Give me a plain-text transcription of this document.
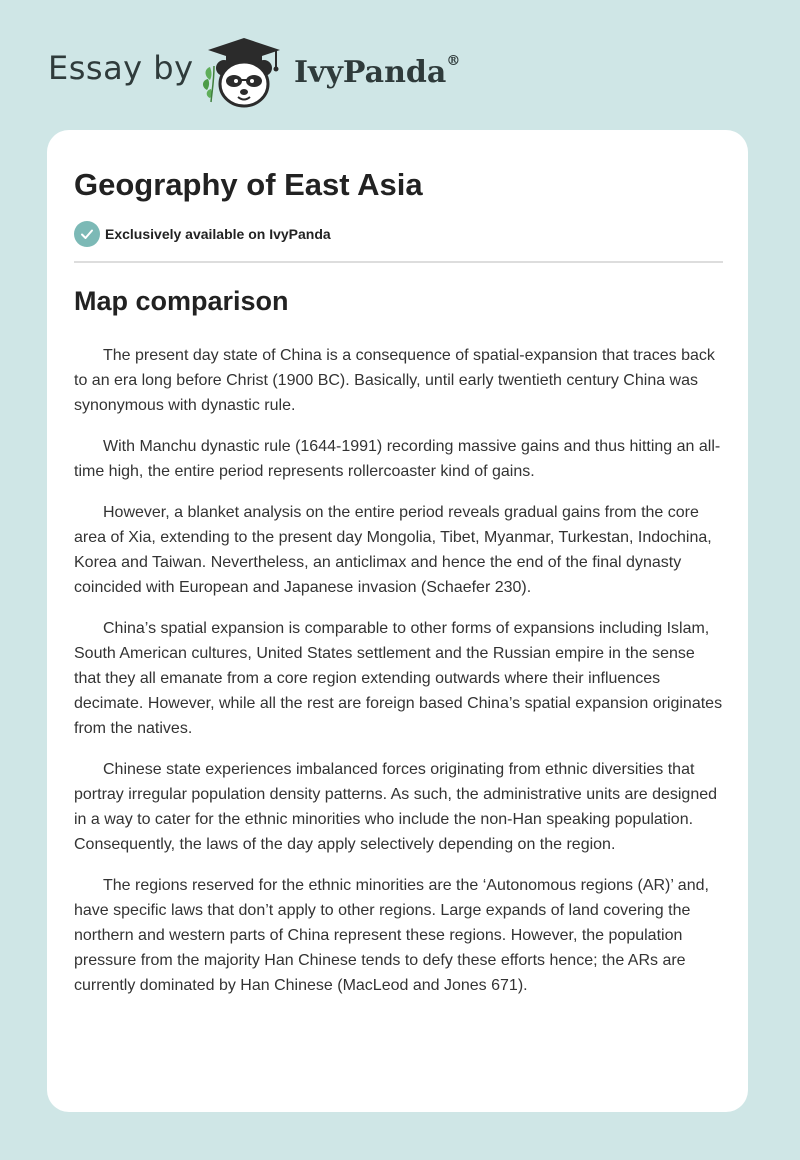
Essay by	IvyPanda®
Geography of East Asia
Exclusively available on IvyPanda
Map comparison

The present day state of China is a consequence of spatial-expansion that traces back to an era long before Christ (1900 BC). Basically, until early twentieth century China was synonymous with dynastic rule.

With Manchu dynastic rule (1644-1991) recording massive gains and thus hitting an all-time high, the entire period represents rollercoaster kind of gains.

However, a blanket analysis on the entire period reveals gradual gains from the core area of Xia, extending to the present day Mongolia, Tibet, Myanmar, Turkestan, Indochina, Korea and Taiwan. Nevertheless, an anticlimax and hence the end of the final dynasty coincided with European and Japanese invasion (Schaefer 230).

China’s spatial expansion is comparable to other forms of expansions including Islam, South American cultures, United States settlement and the Russian empire in the sense that they all emanate from a core region extending outwards where their influences decimate. However, while all the rest are foreign based China’s spatial expansion originates from the natives.

Chinese state experiences imbalanced forces originating from ethnic diversities that portray irregular population density patterns. As such, the administrative units are designed in a way to cater for the ethnic minorities who include the non-Han speaking population. Consequently, the laws of the day apply selectively depending on the region.

The regions reserved for the ethnic minorities are the ‘Autonomous regions (AR)’ and, have specific laws that don’t apply to other regions. Large expands of land covering the northern and western parts of China represent these regions. However, the population pressure from the majority Han Chinese tends to defy these efforts hence; the ARs are currently dominated by Han Chinese (MacLeod and Jones 671).
